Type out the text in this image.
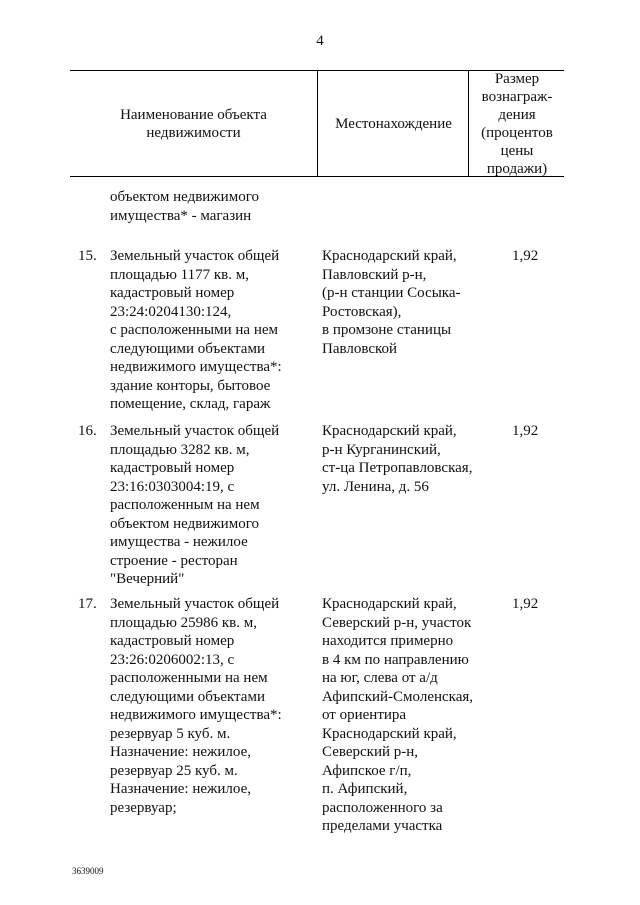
4
Наименование объекта
недвижимости
Местонахождение
Размер
вознаграж-
дения
(процентов
цены
продажи)
объектом недвижимого
имущества* - магазин
15. Земельный участок общей
площадью 1177 кв. м,
кадастровый номер
23:24:0204130:124,
с расположенными на нем
следующими объектами
недвижимого имущества*:
здание конторы, бытовое
помещение, склад, гараж
Краснодарский край,
Павловский р-н,
(р-н станции Сосыка-
Ростовская),
в промзоне станицы
Павловской
1,92
16. Земельный участок общей
площадью 3282 кв. м,
кадастровый номер
23:16:0303004:19, с
расположенным на нем
объектом недвижимого
имущества - нежилое
строение - ресторан
"Вечерний"
Краснодарский край,
р-н Курганинский,
ст-ца Петропавловская,
ул. Ленина, д. 56
1,92
17. Земельный участок общей
площадью 25986 кв. м,
кадастровый номер
23:26:0206002:13, с
расположенными на нем
следующими объектами
недвижимого имущества*:
резервуар 5 куб. м.
Назначение: нежилое,
резервуар 25 куб. м.
Назначение: нежилое,
резервуар;
Краснодарский край,
Северский р-н, участок
находится примерно
в 4 км по направлению
на юг, слева от а/д
Афипский-Смоленская,
от ориентира
Краснодарский край,
Северский р-н,
Афипское г/п,
п. Афипский,
расположенного за
пределами участка
1,92
3639009
